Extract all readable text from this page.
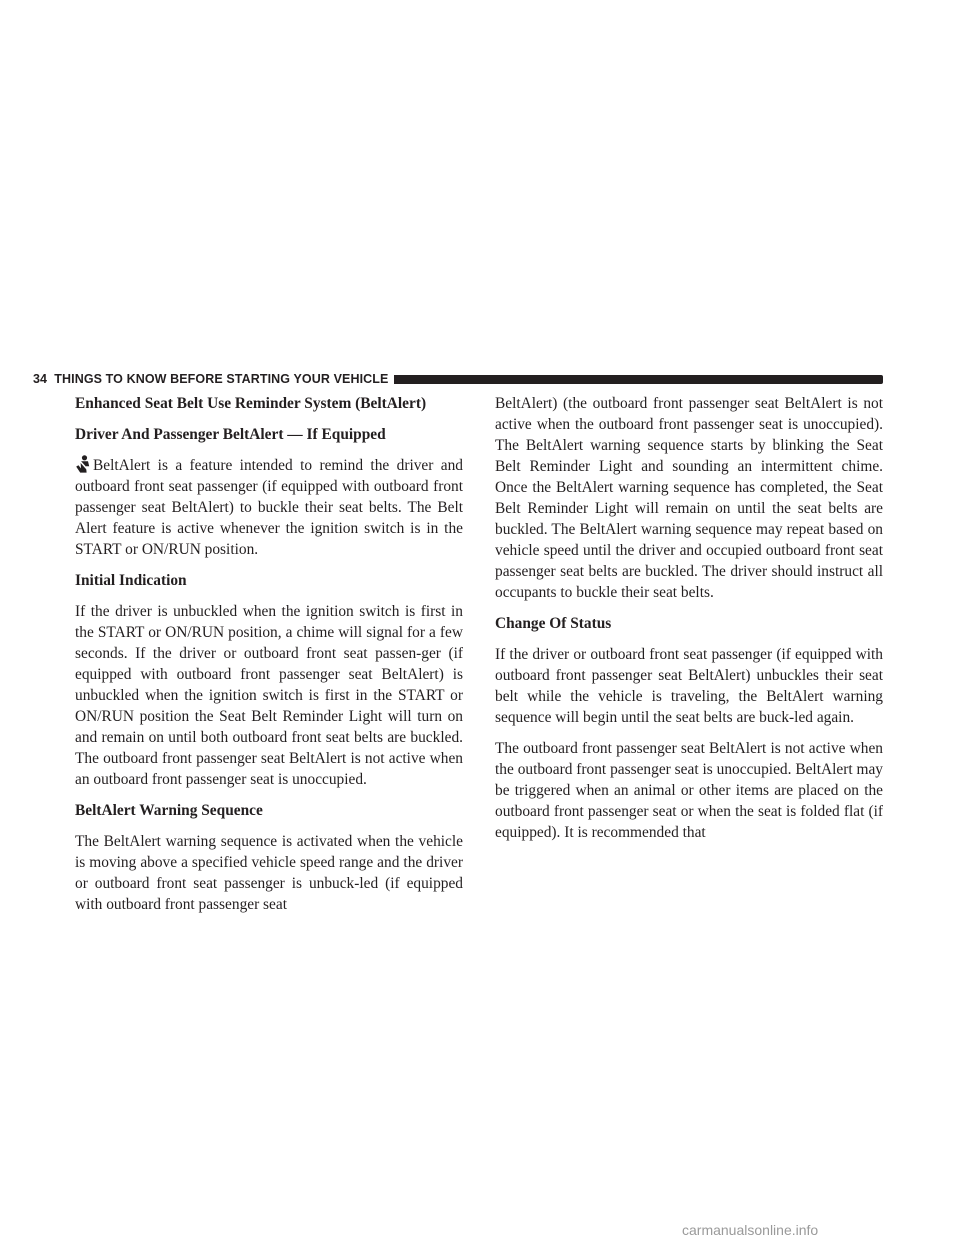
34 THINGS TO KNOW BEFORE STARTING YOUR VEHICLE

Enhanced Seat Belt Use Reminder System (BeltAlert)

Driver And Passenger BeltAlert — If Equipped

BeltAlert is a feature intended to remind the driver and outboard front seat passenger (if equipped with outboard front passenger seat BeltAlert) to buckle their seat belts. The Belt Alert feature is active whenever the ignition switch is in the START or ON/RUN position.

Initial Indication

If the driver is unbuckled when the ignition switch is first in the START or ON/RUN position, a chime will signal for a few seconds. If the driver or outboard front seat passen-ger (if equipped with outboard front passenger seat BeltAlert) is unbuckled when the ignition switch is first in the START or ON/RUN position the Seat Belt Reminder Light will turn on and remain on until both outboard front seat belts are buckled. The outboard front passenger seat BeltAlert is not active when an outboard front passenger seat is unoccupied.

BeltAlert Warning Sequence

The BeltAlert warning sequence is activated when the vehicle is moving above a specified vehicle speed range and the driver or outboard front seat passenger is unbuck-led (if equipped with outboard front passenger seat

BeltAlert) (the outboard front passenger seat BeltAlert is not active when the outboard front passenger seat is unoccupied). The BeltAlert warning sequence starts by blinking the Seat Belt Reminder Light and sounding an intermittent chime. Once the BeltAlert warning sequence has completed, the Seat Belt Reminder Light will remain on until the seat belts are buckled. The BeltAlert warning sequence may repeat based on vehicle speed until the driver and occupied outboard front seat passenger seat belts are buckled. The driver should instruct all occupants to buckle their seat belts.

Change Of Status

If the driver or outboard front seat passenger (if equipped with outboard front passenger seat BeltAlert) unbuckles their seat belt while the vehicle is traveling, the BeltAlert warning sequence will begin until the seat belts are buck-led again.

The outboard front passenger seat BeltAlert is not active when the outboard front passenger seat is unoccupied. BeltAlert may be triggered when an animal or other items are placed on the outboard front passenger seat or when the seat is folded flat (if equipped). It is recommended that

carmanualsonline.info
